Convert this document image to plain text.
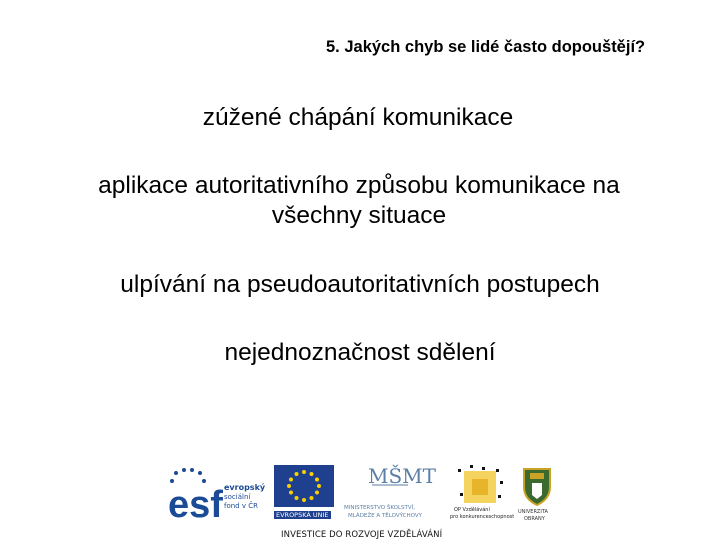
5. Jakých chyb se lidé často dopouštějí?
zúžené chápání komunikace
aplikace autoritativního způsobu komunikace na
všechny situace
ulpívání na pseudoautoritativních postupech
nejednoznačnost sdělení
esf evropský
sociální
fond v ČR
EVROPSKÁ UNIE
MŠMT
MINISTERSTVO ŠKOLSTVÍ,
MLÁDEŽE A TĚLOVÝCHOVY
OP Vzdělávání
pro konkurenceschopnost
UNIVERZITA
OBRANY
INVESTICE DO ROZVOJE VZDĚLÁVÁNÍ
